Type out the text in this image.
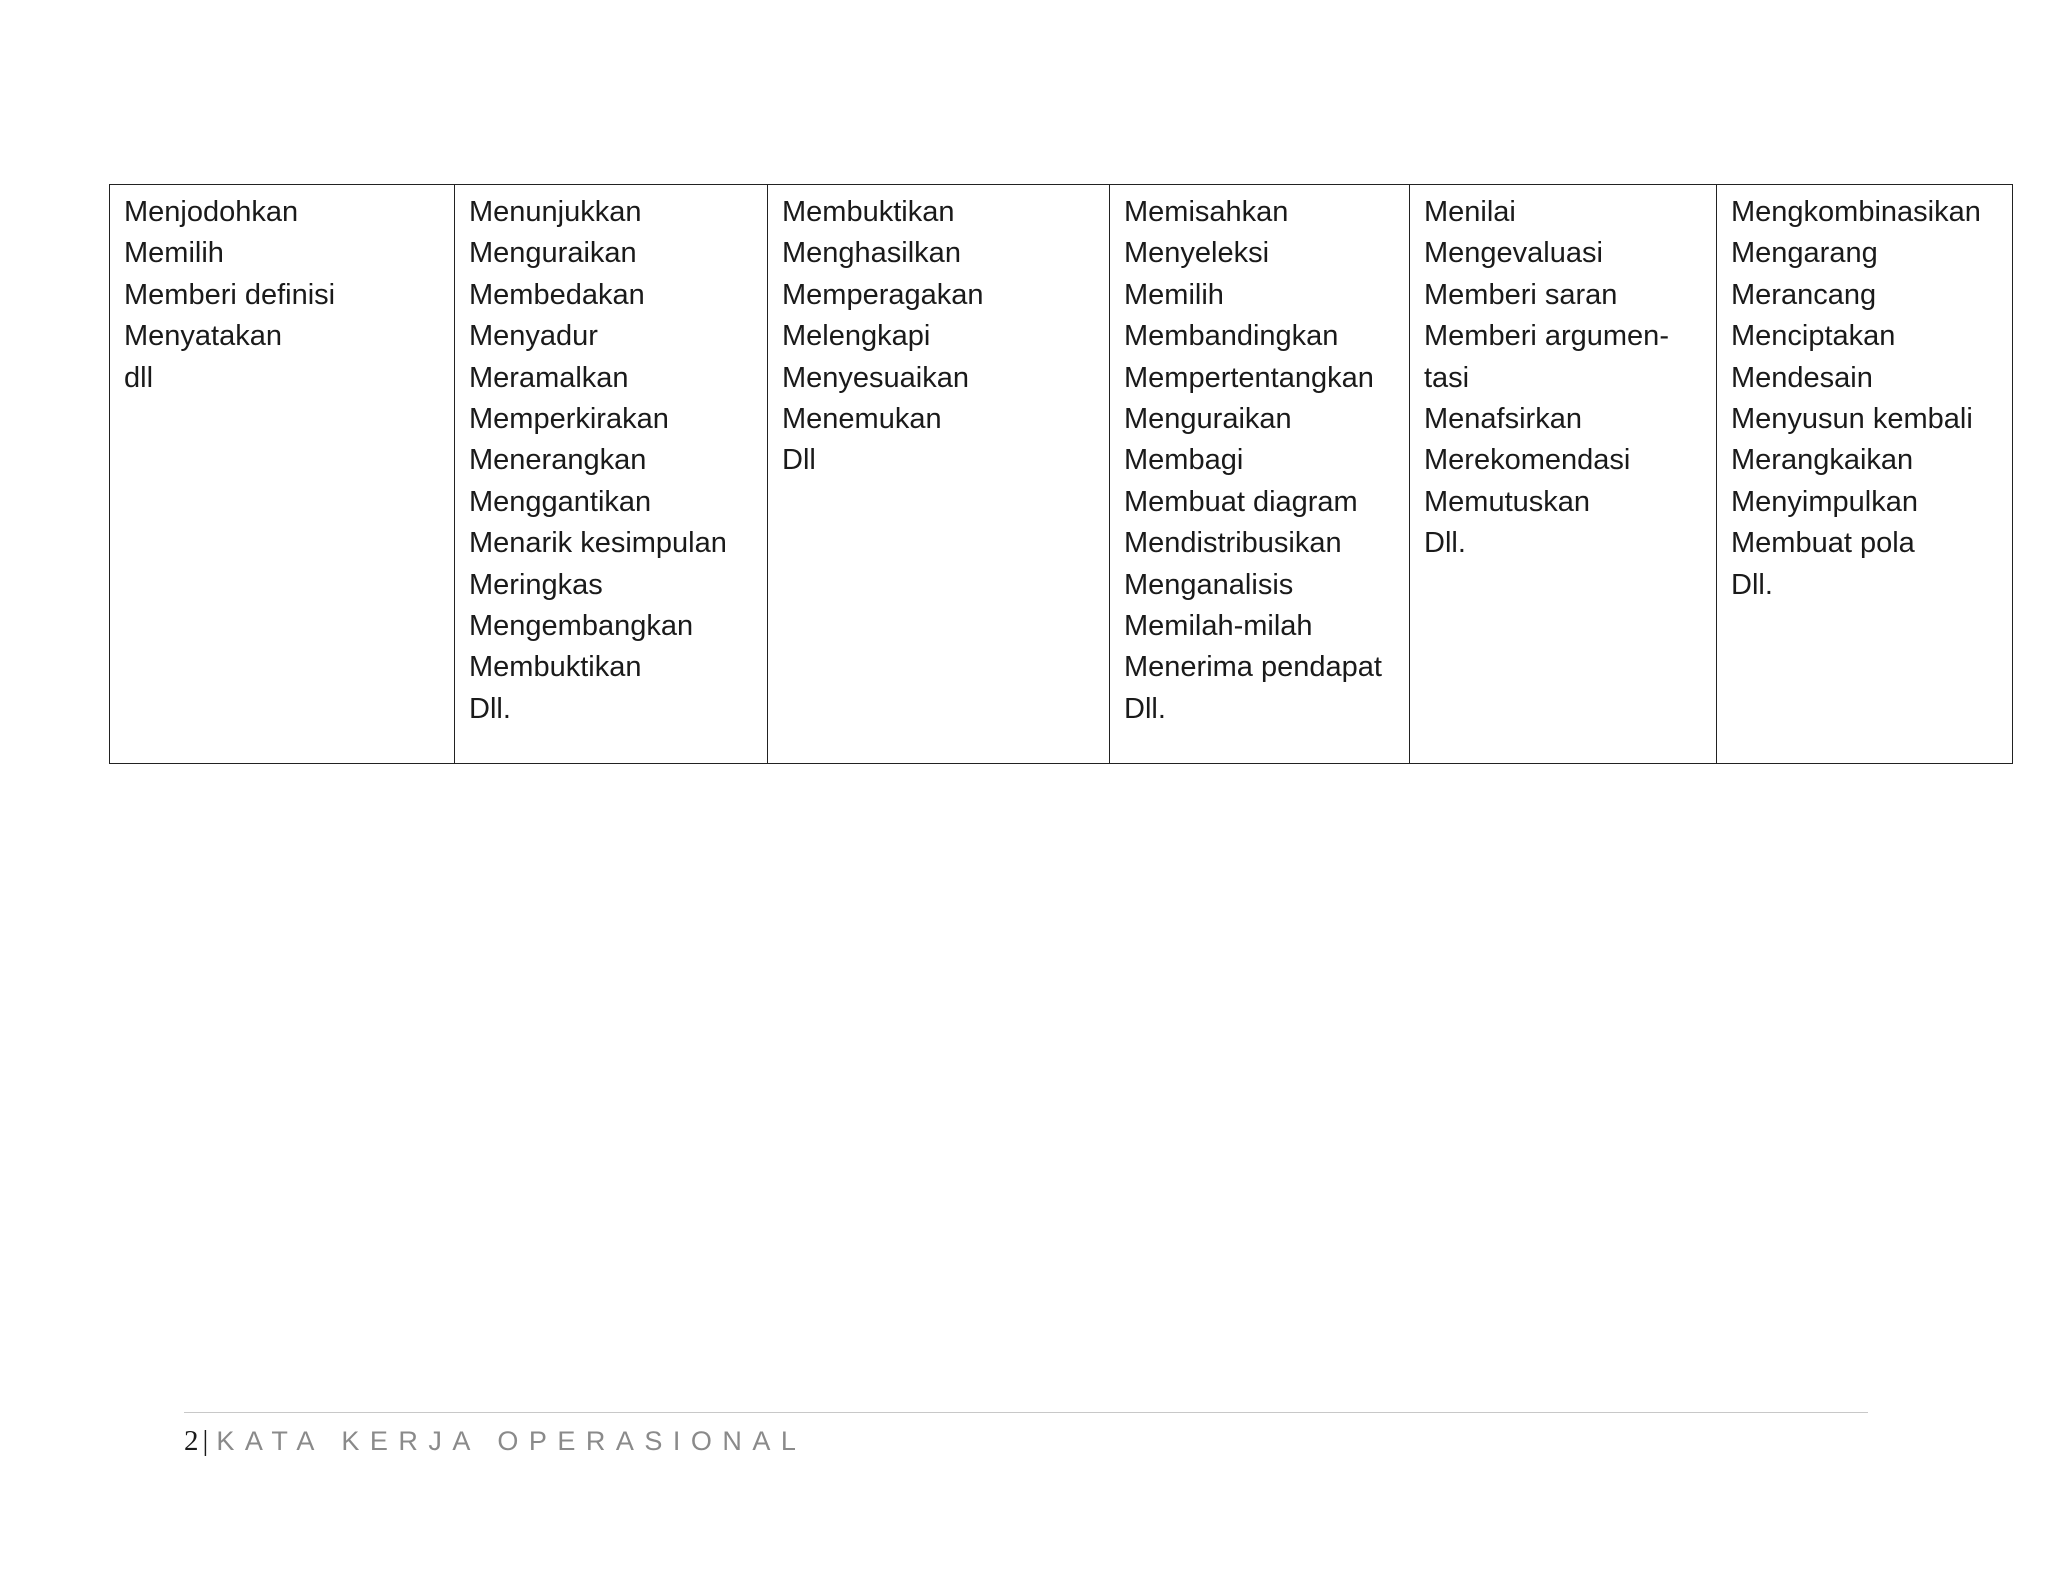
Menjodohkan
Memilih
Memberi definisi
Menyatakan
dll

Menunjukkan
Menguraikan
Membedakan
Menyadur
Meramalkan
Memperkirakan
Menerangkan
Menggantikan
Menarik kesimpulan
Meringkas
Mengembangkan
Membuktikan
Dll.

Membuktikan
Menghasilkan
Memperagakan
Melengkapi
Menyesuaikan
Menemukan
Dll

Memisahkan
Menyeleksi
Memilih
Membandingkan
Mempertentangkan
Menguraikan
Membagi
Membuat diagram
Mendistribusikan
Menganalisis
Memilah-milah
Menerima pendapat
Dll.

Menilai
Mengevaluasi
Memberi saran
Memberi argumen-
tasi
Menafsirkan
Merekomendasi
Memutuskan
Dll.

Mengkombinasikan
Mengarang
Merancang
Menciptakan
Mendesain
Menyusun kembali
Merangkaikan
Menyimpulkan
Membuat pola
Dll.
2 | KATA KERJA OPERASIONAL
